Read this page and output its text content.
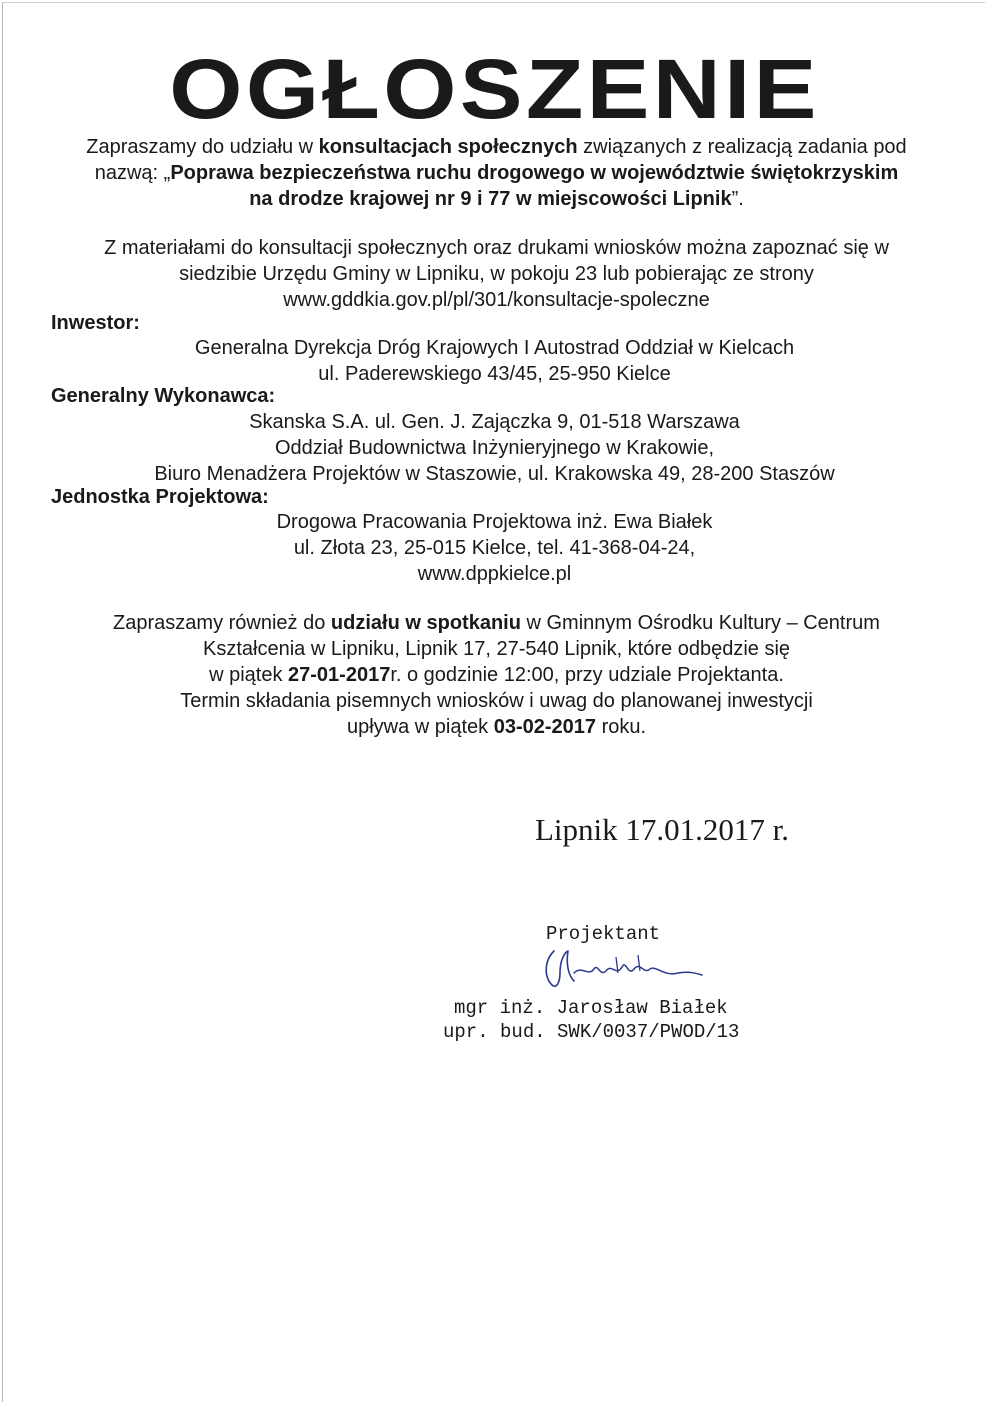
OGŁOSZENIE
Zapraszamy do udziału w konsultacjach społecznych związanych z realizacją zadania pod
nazwą: „Poprawa bezpieczeństwa ruchu drogowego w województwie świętokrzyskim
na drodze krajowej nr 9 i 77 w miejscowości Lipnik”.
Z materiałami do konsultacji społecznych oraz drukami wniosków można zapoznać się w
siedzibie Urzędu Gminy w Lipniku, w pokoju 23 lub pobierając ze strony
www.gddkia.gov.pl/pl/301/konsultacje-spoleczne
Inwestor:
Generalna Dyrekcja Dróg Krajowych I Autostrad Oddział w Kielcach
ul. Paderewskiego 43/45, 25-950 Kielce
Generalny Wykonawca:
Skanska S.A. ul. Gen. J. Zajączka 9, 01-518 Warszawa
Oddział Budownictwa Inżynieryjnego w Krakowie,
Biuro Menadżera Projektów w Staszowie, ul. Krakowska 49, 28-200 Staszów
Jednostka Projektowa:
Drogowa Pracowania Projektowa inż. Ewa Białek
ul. Złota 23, 25-015 Kielce, tel. 41-368-04-24,
www.dppkielce.pl
Zapraszamy również do udziału w spotkaniu w Gminnym Ośrodku Kultury – Centrum
Kształcenia w Lipniku, Lipnik 17, 27-540 Lipnik, które odbędzie się
w piątek 27-01-2017r. o godzinie 12:00, przy udziale Projektanta.
Termin składania pisemnych wniosków i uwag do planowanej inwestycji
upływa w piątek 03-02-2017 roku.
Lipnik 17.01.2017 r.
Projektant
mgr inż. Jarosław Białek
upr. bud. SWK/0037/PWOD/13
